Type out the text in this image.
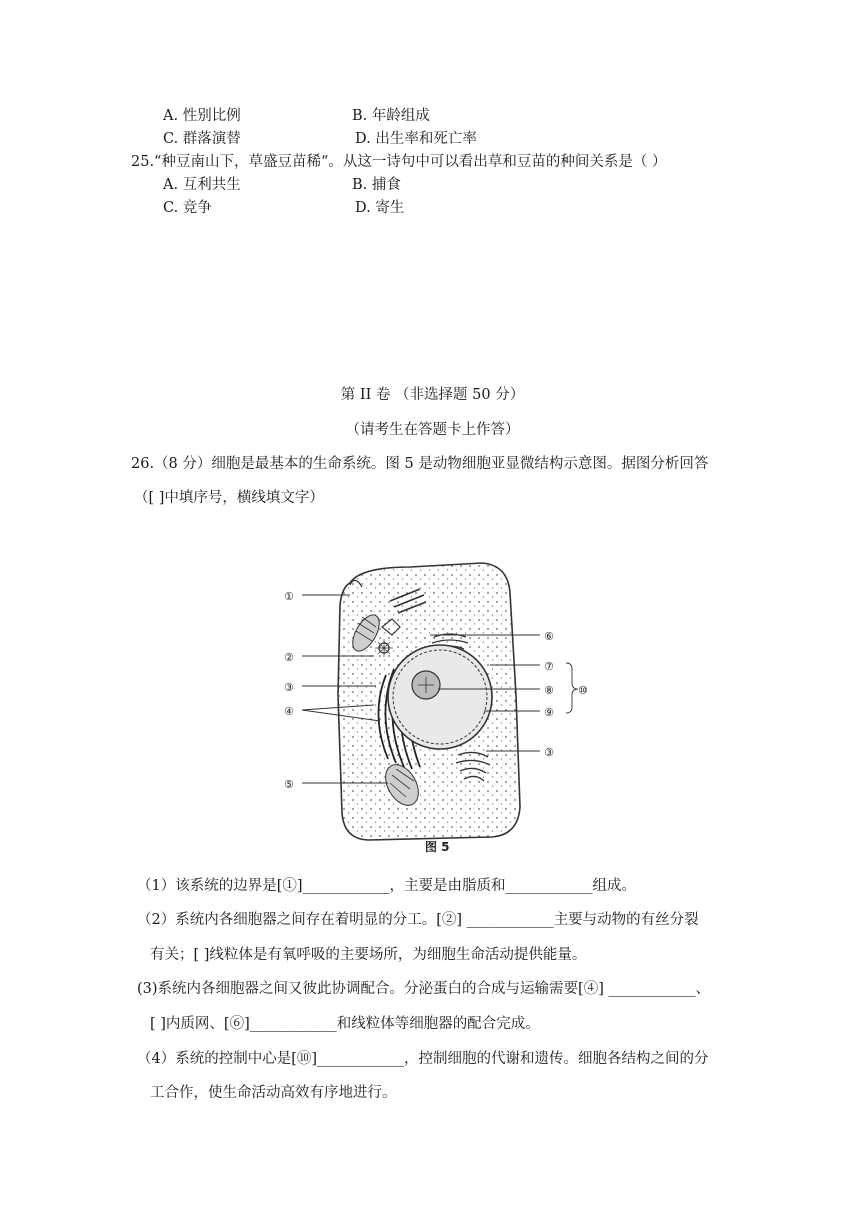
A. 性别比例	B. 年龄组成
C. 群落演替	D. 出生率和死亡率
25.“种豆南山下，草盛豆苗稀“。从这一诗句中可以看出草和豆苗的种间关系是（ ）
A. 互利共生	B. 捕食
C. 竞争	D. 寄生
第 II 卷 （非选择题 50 分）
（请考生在答题卡上作答）
26.（8 分）细胞是最基本的生命系统。图 5 是动物细胞亚显微结构示意图。据图分析回答
（[ ]中填序号，横线填文字）
①
②
③
④
⑤
⑥
⑦
⑧
⑨
⑩
③
图 5
（1）该系统的边界是[①]____________，主要是由脂质和____________组成。
（2）系统内各细胞器之间存在着明显的分工。[②] ____________主要与动物的有丝分裂
有关；[ ]线粒体是有氧呼吸的主要场所，为细胞生命活动提供能量。
(3)系统内各细胞器之间又彼此协调配合。分泌蛋白的合成与运输需要[④] ____________、
[ ]内质网、[⑥]____________和线粒体等细胞器的配合完成。
（4）系统的控制中心是[⑩]____________，控制细胞的代谢和遗传。细胞各结构之间的分
工合作，使生命活动高效有序地进行。
